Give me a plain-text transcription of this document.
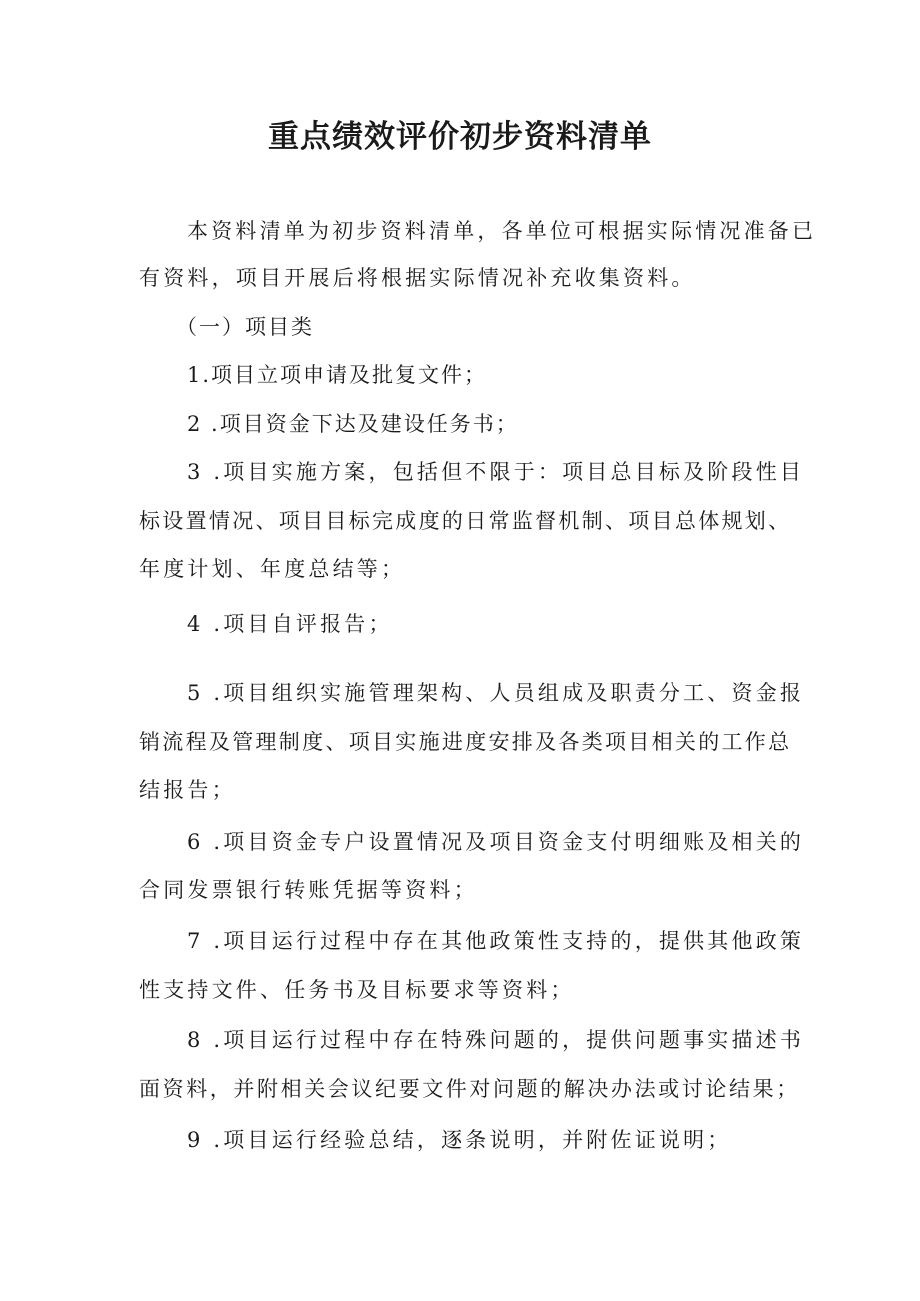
重点绩效评价初步资料清单

本资料清单为初步资料清单，各单位可根据实际情况准备已

有资料，项目开展后将根据实际情况补充收集资料。

（一）项目类

1.项目立项申请及批复文件；

2 .项目资金下达及建设任务书；

3 .项目实施方案，包括但不限于：项目总目标及阶段性目

标设置情况、项目目标完成度的日常监督机制、项目总体规划、

年度计划、年度总结等；

4 .项目自评报告；

5 .项目组织实施管理架构、人员组成及职责分工、资金报

销流程及管理制度、项目实施进度安排及各类项目相关的工作总

结报告；

6 .项目资金专户设置情况及项目资金支付明细账及相关的

合同发票银行转账凭据等资料；

7 .项目运行过程中存在其他政策性支持的，提供其他政策

性支持文件、任务书及目标要求等资料；

8 .项目运行过程中存在特殊问题的，提供问题事实描述书

面资料，并附相关会议纪要文件对问题的解决办法或讨论结果；

9 .项目运行经验总结，逐条说明，并附佐证说明；
